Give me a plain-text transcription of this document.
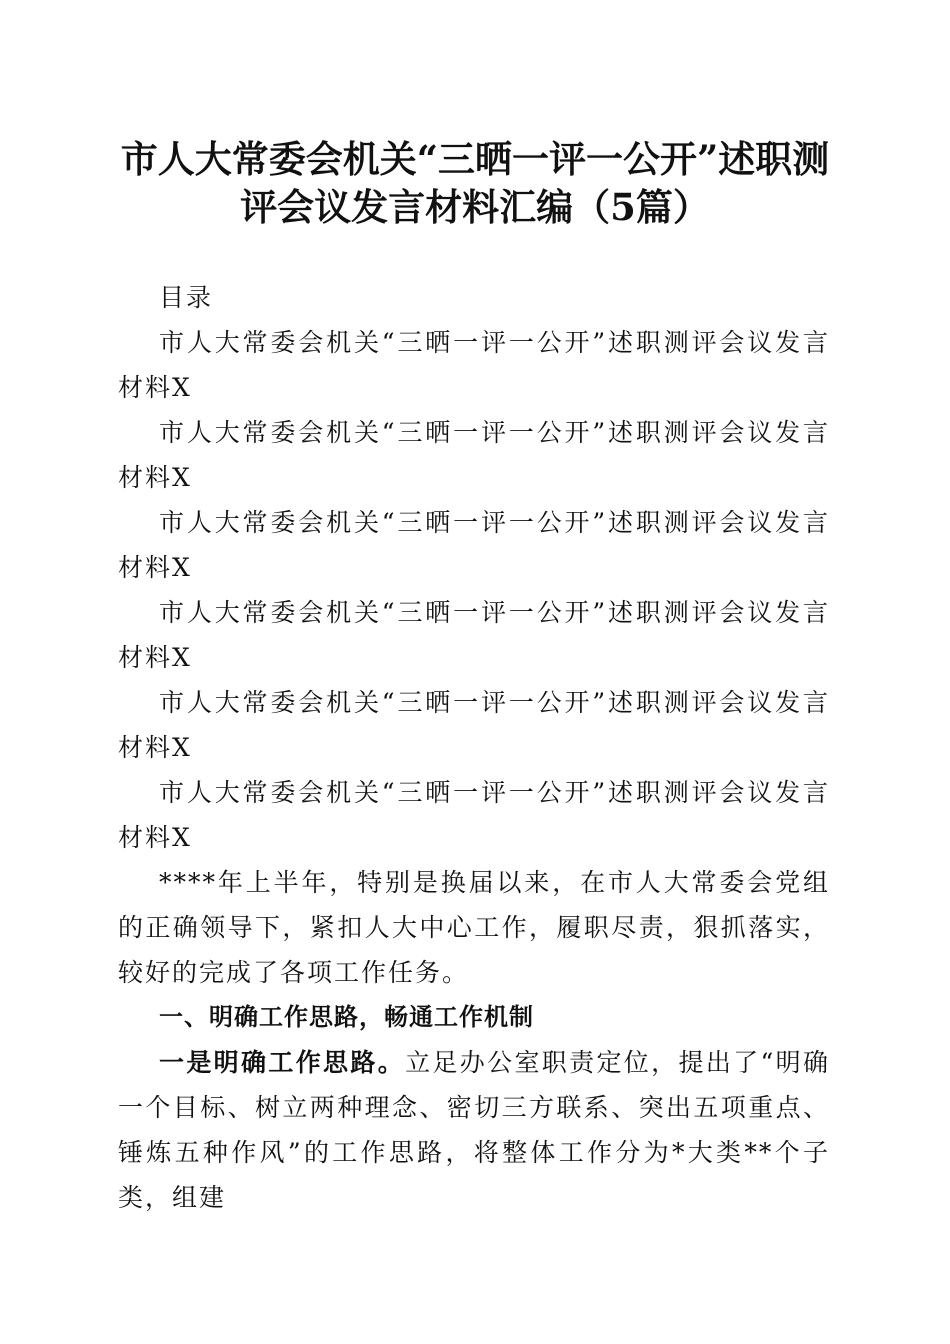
市人大常委会机关“三晒一评一公开”述职测
评会议发言材料汇编（5篇）

目录

市人大常委会机关“三晒一评一公开”述职测评会议发言材料X

市人大常委会机关“三晒一评一公开”述职测评会议发言材料X

市人大常委会机关“三晒一评一公开”述职测评会议发言材料X

市人大常委会机关“三晒一评一公开”述职测评会议发言材料X

市人大常委会机关“三晒一评一公开”述职测评会议发言材料X

市人大常委会机关“三晒一评一公开”述职测评会议发言材料X

****年上半年，特别是换届以来，在市人大常委会党组的正确领导下，紧扣人大中心工作，履职尽责，狠抓落实，较好的完成了各项工作任务。

一、明确工作思路，畅通工作机制

一是明确工作思路。立足办公室职责定位，提出了“明确一个目标、树立两种理念、密切三方联系、突出五项重点、锤炼五种作风”的工作思路，将整体工作分为*大类**个子类，组建
